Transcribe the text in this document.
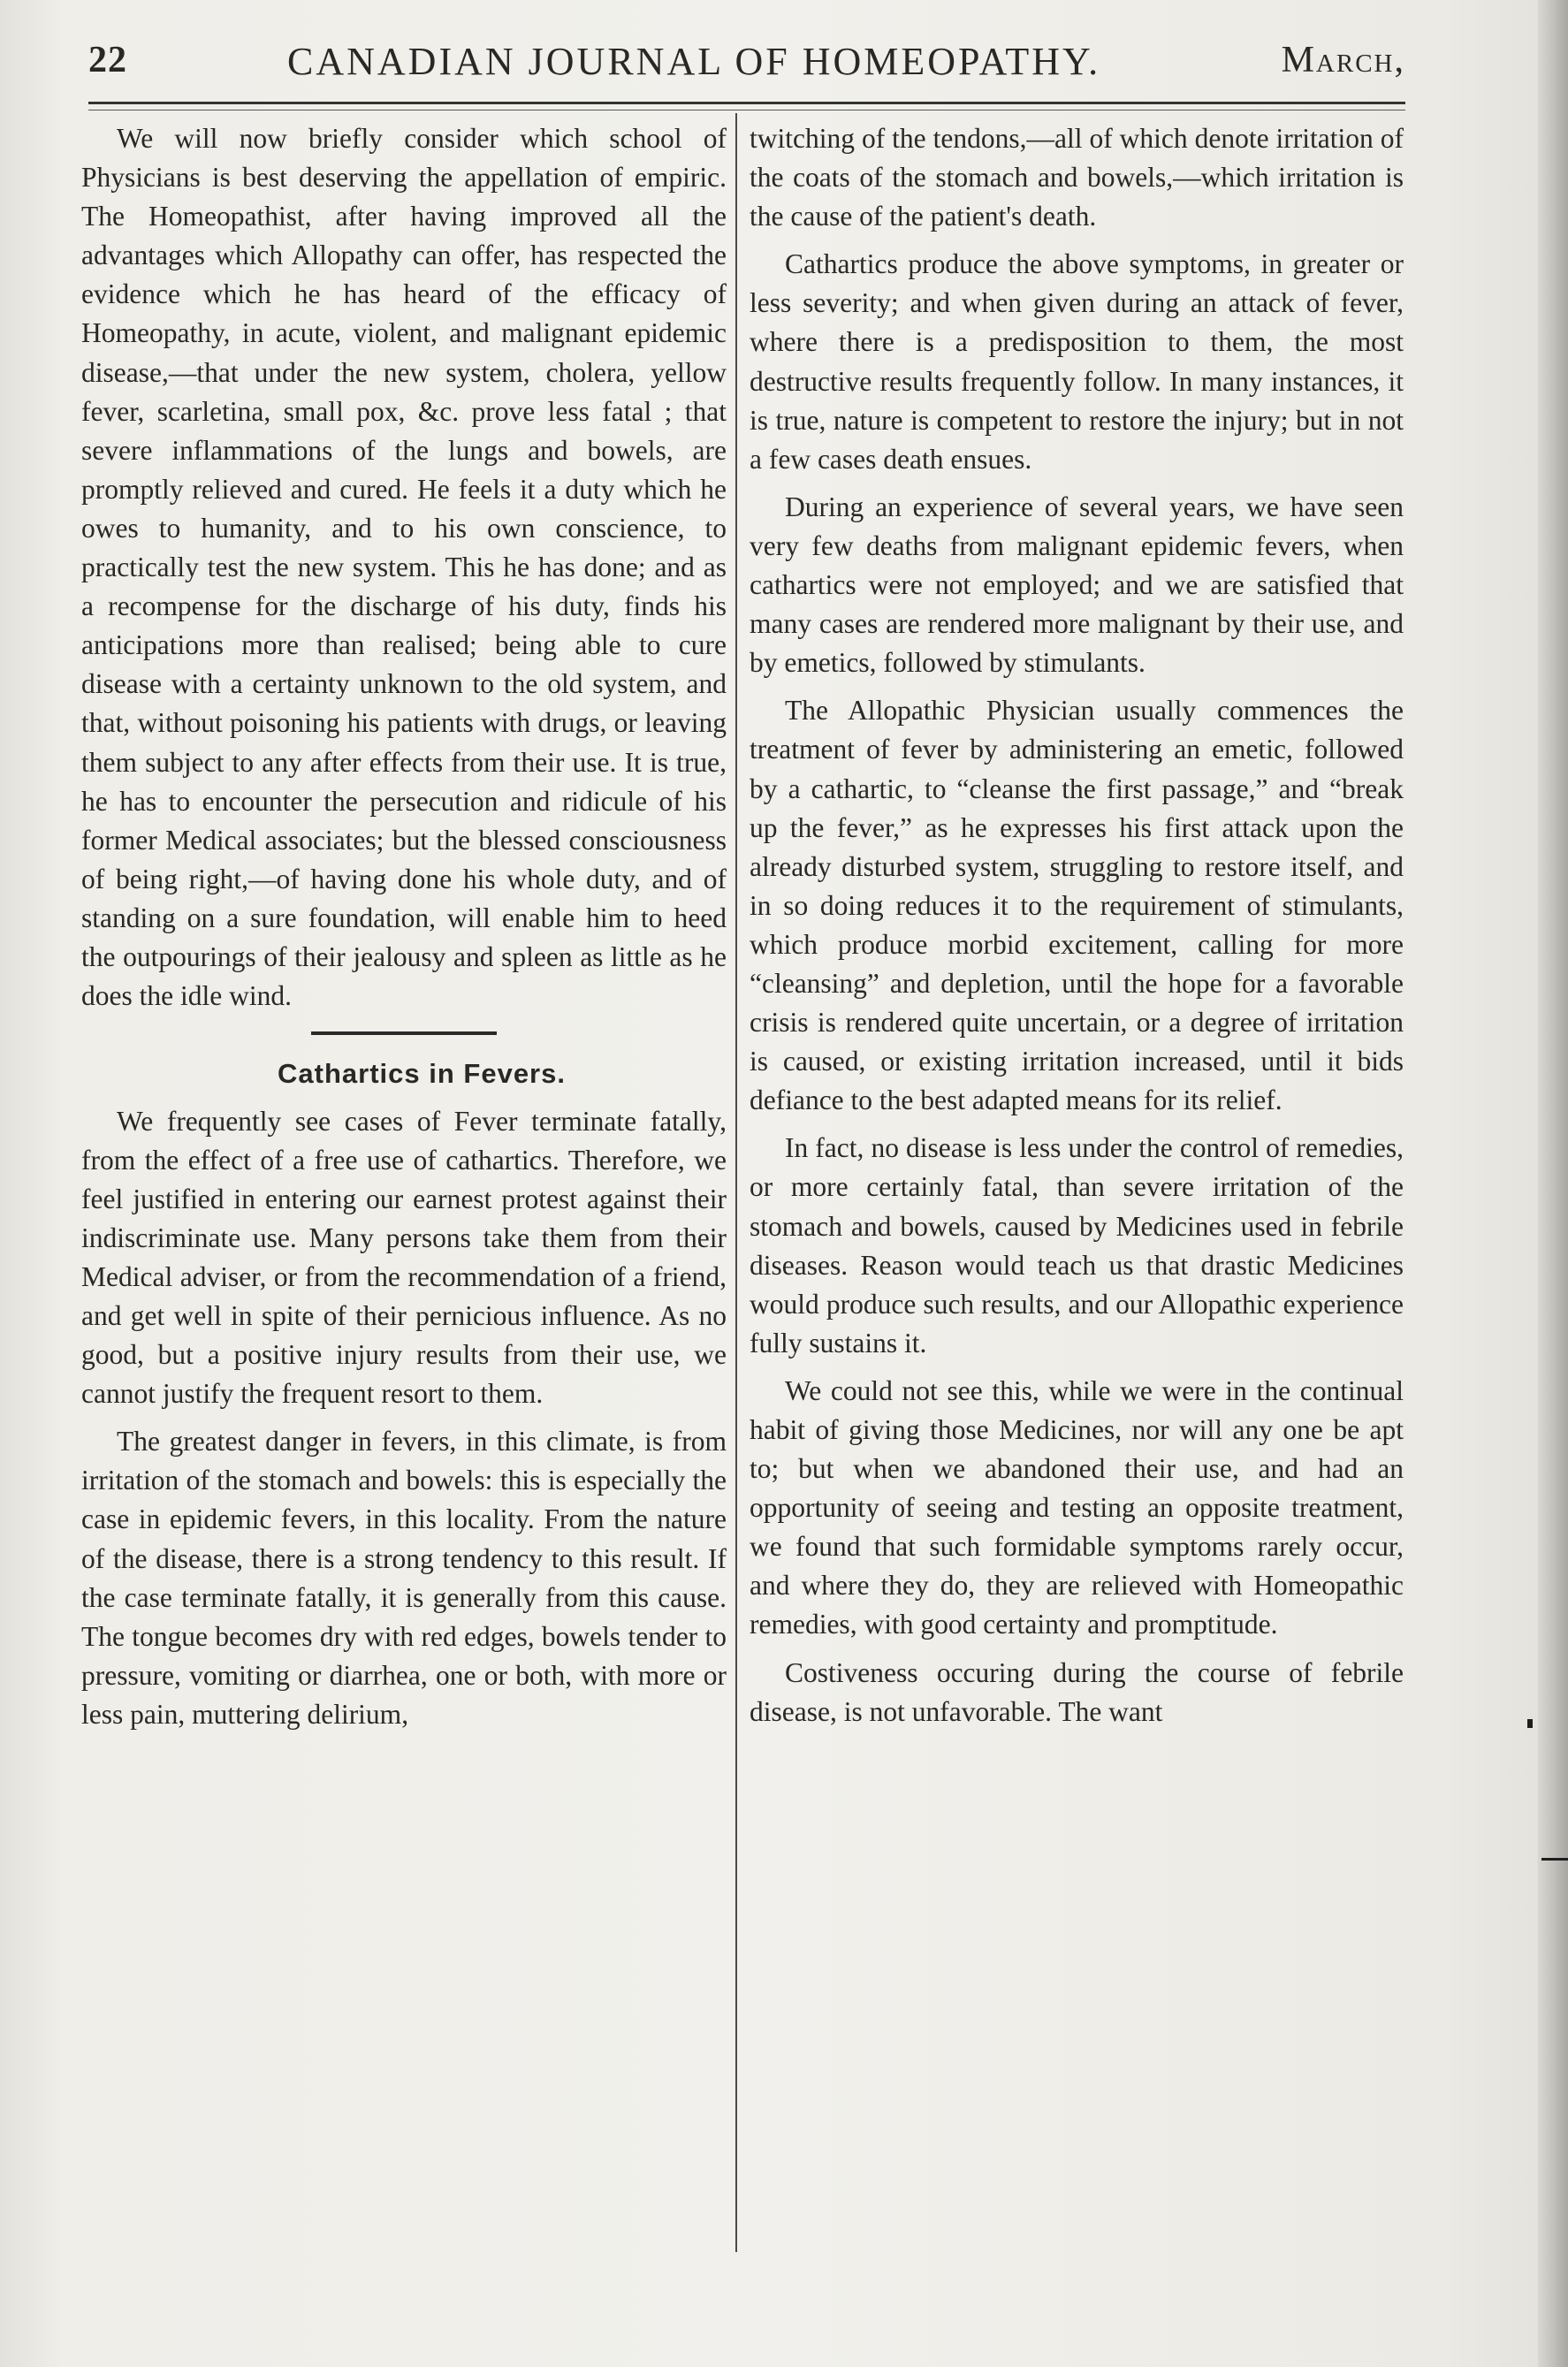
22	CANADIAN JOURNAL OF HOMEOPATHY.	March,

We will now briefly consider which school of Physicians is best deserving the appellation of empiric. The Homeopathist, after having improved all the advantages which Allopathy can offer, has respected the evidence which he has heard of the efficacy of Homeopathy, in acute, violent, and malignant epidemic disease,—that under the new system, cholera, yellow fever, scarletina, small pox, &c. prove less fatal ; that severe inflammations of the lungs and bowels, are promptly relieved and cured. He feels it a duty which he owes to humanity, and to his own conscience, to practically test the new system. This he has done; and as a recompense for the discharge of his duty, finds his anticipations more than realised; being able to cure disease with a certainty unknown to the old system, and that, without poisoning his patients with drugs, or leaving them subject to any after effects from their use. It is true, he has to encounter the persecution and ridicule of his former Medical associates; but the blessed consciousness of being right,—of having done his whole duty, and of standing on a sure foundation, will enable him to heed the outpourings of their jealousy and spleen as little as he does the idle wind.

Cathartics in Fevers.

We frequently see cases of Fever terminate fatally, from the effect of a free use of cathartics. Therefore, we feel justified in entering our earnest protest against their indiscriminate use. Many persons take them from their Medical adviser, or from the recommendation of a friend, and get well in spite of their pernicious influence. As no good, but a positive injury results from their use, we cannot justify the frequent resort to them.

The greatest danger in fevers, in this climate, is from irritation of the stomach and bowels: this is especially the case in epidemic fevers, in this locality. From the nature of the disease, there is a strong tendency to this result. If the case terminate fatally, it is generally from this cause. The tongue becomes dry with red edges, bowels tender to pressure, vomiting or diarrhea, one or both, with more or less pain, muttering delirium,

twitching of the tendons,—all of which denote irritation of the coats of the stomach and bowels,—which irritation is the cause of the patient's death.

Cathartics produce the above symptoms, in greater or less severity; and when given during an attack of fever, where there is a predisposition to them, the most destructive results frequently follow. In many instances, it is true, nature is competent to restore the injury; but in not a few cases death ensues.

During an experience of several years, we have seen very few deaths from malignant epidemic fevers, when cathartics were not employed; and we are satisfied that many cases are rendered more malignant by their use, and by emetics, followed by stimulants.

The Allopathic Physician usually commences the treatment of fever by administering an emetic, followed by a cathartic, to “cleanse the first passage,” and “break up the fever,” as he expresses his first attack upon the already disturbed system, struggling to restore itself, and in so doing reduces it to the requirement of stimulants, which produce morbid excitement, calling for more “cleansing” and depletion, until the hope for a favorable crisis is rendered quite uncertain, or a degree of irritation is caused, or existing irritation increased, until it bids defiance to the best adapted means for its relief.

In fact, no disease is less under the control of remedies, or more certainly fatal, than severe irritation of the stomach and bowels, caused by Medicines used in febrile diseases. Reason would teach us that drastic Medicines would produce such results, and our Allopathic experience fully sustains it.

We could not see this, while we were in the continual habit of giving those Medicines, nor will any one be apt to; but when we abandoned their use, and had an opportunity of seeing and testing an opposite treatment, we found that such formidable symptoms rarely occur, and where they do, they are relieved with Homeopathic remedies, with good certainty and promptitude.

Costiveness occuring during the course of febrile disease, is not unfavorable. The want
